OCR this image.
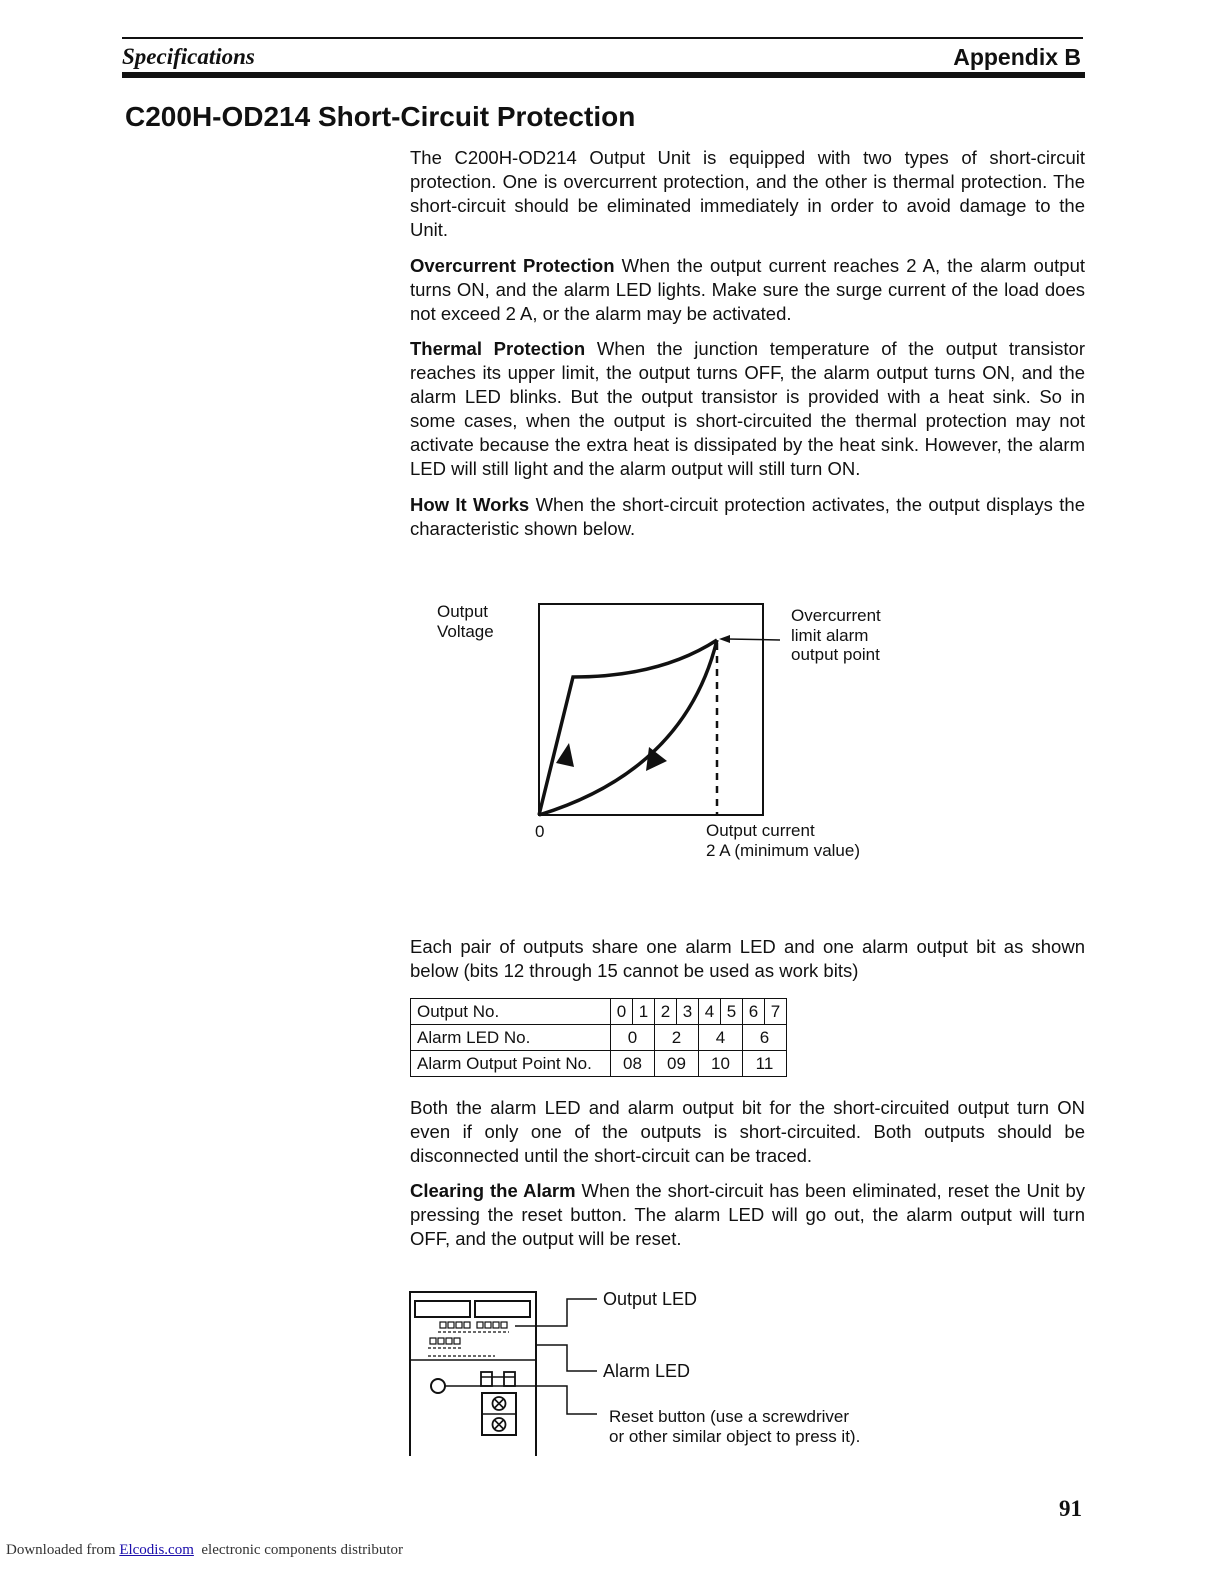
Specifications	Appendix B
C200H-OD214 Short-Circuit Protection
The C200H-OD214 Output Unit is equipped with two types of short-circuit protection. One is overcurrent protection, and the other is thermal protection. The short-circuit should be eliminated immediately in order to avoid damage to the Unit.
Overcurrent Protection When the output current reaches 2 A, the alarm output turns ON, and the alarm LED lights. Make sure the surge current of the load does not exceed 2 A, or the alarm may be activated.
Thermal Protection When the junction temperature of the output transistor reaches its upper limit, the output turns OFF, the alarm output turns ON, and the alarm LED blinks. But the output transistor is provided with a heat sink. So in some cases, when the output is short-circuited the thermal protection may not activate because the extra heat is dissipated by the heat sink. However, the alarm LED will still light and the alarm output will still turn ON.
How It Works When the short-circuit protection activates, the output displays the characteristic shown below.
Output
Voltage
Overcurrent
limit alarm
output point
0	Output current
2 A (minimum value)
Each pair of outputs share one alarm LED and one alarm output bit as shown below (bits 12 through 15 cannot be used as work bits)
Output No.	0	1	2	3	4	5	6	7
Alarm LED No.	0		2		4		6	
Alarm Output Point No.	08		09		10		11	
Both the alarm LED and alarm output bit for the short-circuited output turn ON even if only one of the outputs is short-circuited. Both outputs should be disconnected until the short-circuit can be traced.
Clearing the Alarm When the short-circuit has been eliminated, reset the Unit by pressing the reset button. The alarm LED will go out, the alarm output will turn OFF, and the output will be reset.
Output LED
Alarm LED
Reset button (use a screwdriver
or other similar object to press it).
91
Downloaded from Elcodis.com  electronic components distributor
